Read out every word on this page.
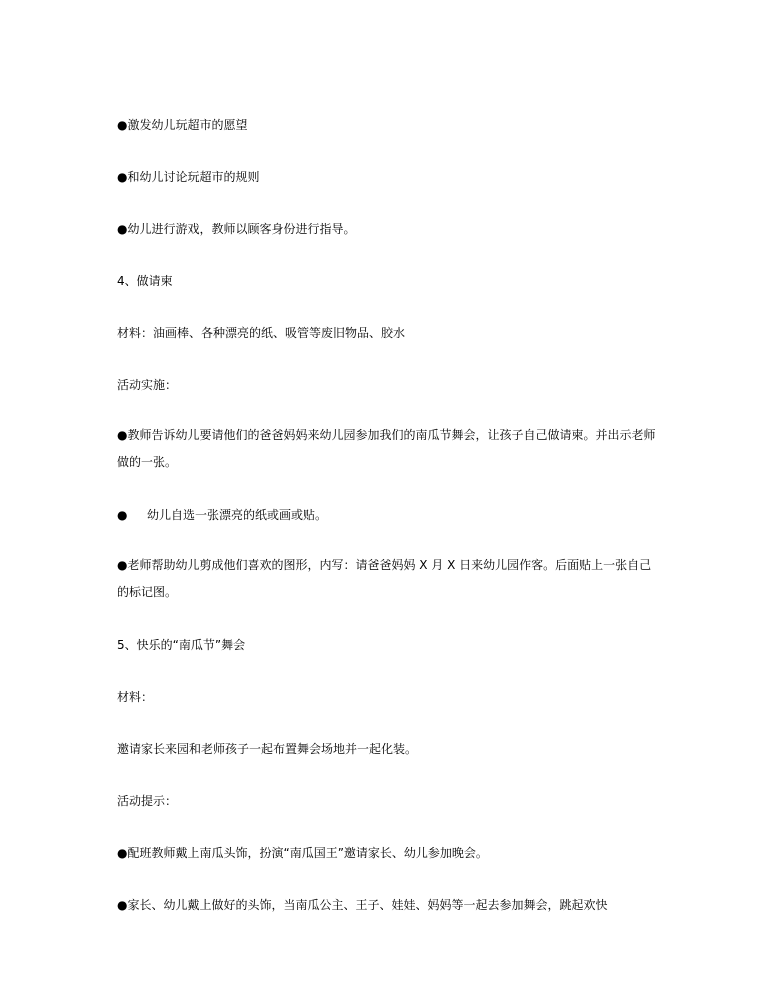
●激发幼儿玩超市的愿望
●和幼儿讨论玩超市的规则
●幼儿进行游戏，教师以顾客身份进行指导。
4、做请柬
材料：油画棒、各种漂亮的纸、吸管等废旧物品、胶水
活动实施：
●教师告诉幼儿要请他们的爸爸妈妈来幼儿园参加我们的南瓜节舞会，让孩子自己做请柬。并出示老师做的一张。
● 幼儿自选一张漂亮的纸或画或贴。
●老师帮助幼儿剪成他们喜欢的图形，内写：请爸爸妈妈 X 月 X 日来幼儿园作客。后面贴上一张自己的标记图。
5、快乐的“南瓜节”舞会
材料：
邀请家长来园和老师孩子一起布置舞会场地并一起化装。
活动提示：
●配班教师戴上南瓜头饰，扮演“南瓜国王”邀请家长、幼儿参加晚会。
●家长、幼儿戴上做好的头饰，当南瓜公主、王子、娃娃、妈妈等一起去参加舞会，跳起欢快
